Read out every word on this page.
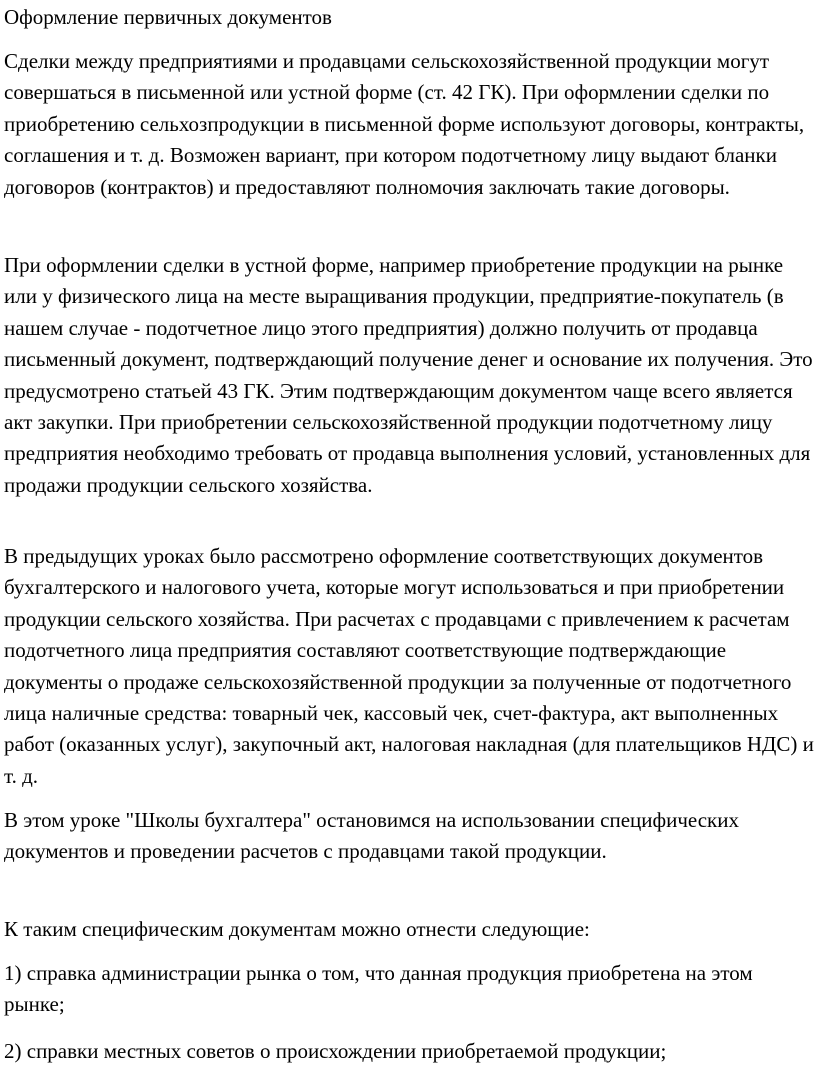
Оформление первичных документов

Сделки между предприятиями и продавцами сельскохозяйственной продукции могут совершаться в письменной или устной форме (ст. 42 ГК). При оформлении сделки по приобретению сельхозпродукции в письменной форме используют договоры, контракты, соглашения и т. д. Возможен вариант, при котором подотчетному лицу выдают бланки договоров (контрактов) и предоставляют полномочия заключать такие договоры.

При оформлении сделки в устной форме, например приобретение продукции на рынке или у физического лица на месте выращивания продукции, предприятие-покупатель (в нашем случае - подотчетное лицо этого предприятия) должно получить от продавца письменный документ, подтверждающий получение денег и основание их получения. Это предусмотрено статьей 43 ГК. Этим подтверждающим документом чаще всего является акт закупки. При приобретении сельскохозяйственной продукции подотчетному лицу предприятия необходимо требовать от продавца выполнения условий, установленных для продажи продукции сельского хозяйства.

В предыдущих уроках было рассмотрено оформление соответствующих документов бухгалтерского и налогового учета, которые могут использоваться и при приобретении продукции сельского хозяйства. При расчетах с продавцами с привлечением к расчетам подотчетного лица предприятия составляют соответствующие подтверждающие документы о продаже сельскохозяйственной продукции за полученные от подотчетного лица наличные средства: товарный чек, кассовый чек, счет-фактура, акт выполненных работ (оказанных услуг), закупочный акт, налоговая накладная (для плательщиков НДС) и т. д.

В этом уроке "Школы бухгалтера" остановимся на использовании специфических документов и проведении расчетов с продавцами такой продукции.

К таким специфическим документам можно отнести следующие:

1) справка администрации рынка о том, что данная продукция приобретена на этом рынке;

2) справки местных советов о происхождении приобретаемой продукции;
